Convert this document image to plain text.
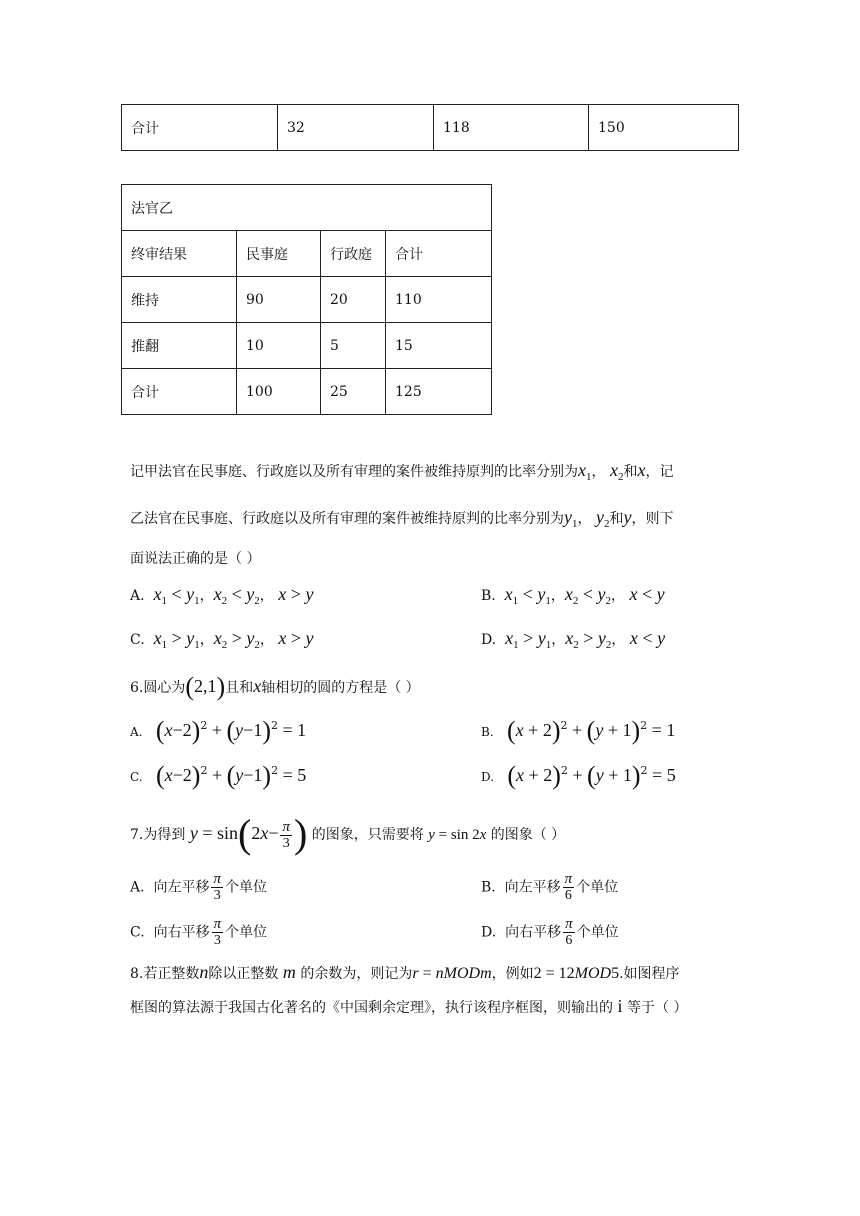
合计	32	118	150
法官乙			
终审结果	民事庭	行政庭	合计
维持	90	20	110
推翻	10	5	15
合计	100	25	125
记甲法官在民事庭、行政庭以及所有审理的案件被维持原判的比率分别为$x_1$， $x_2$和x，记
乙法官在民事庭、行政庭以及所有审理的案件被维持原判的比率分别为$y_1$， $y_2$和y，则下
面说法正确的是（ ）
A. $x_1 < y_1$，$x_2 < y_2$， x > y	B. $x_1 < y_1$，$x_2 < y_2$， x < y
C. $x_1 > y_1$，$x_2 > y_2$， x > y	D. $x_1 > y_1$，$x_2 > y_2$， x < y
6.圆心为(2,1)且和x轴相切的圆的方程是（ ）
A. $(x-2)^2 + (y-1)^2 = 1$	B. $(x + 2)^2 + (y + 1)^2 = 1$
C. $(x-2)^2 + (y-1)^2 = 5$	D. $(x + 2)^2 + (y + 1)^2 = 5$
7.为得到 $y = \sin(2x- \frac{\pi}{3}$ ) 的图象，只需要将 y = sin 2x 的图象（ ）
A. 向左平移 $\frac{\pi}{3}$ 个单位	B. 向左平移 $\frac{\pi}{6}$ 个单位
C. 向右平移 $\frac{\pi}{3}$ 个单位	D. 向右平移 $\frac{\pi}{6}$ 个单位
8.若正整数n除以正整数 m 的余数为，则记为r = nMODm，例如2 = 12MOD5.如图程序
框图的算法源于我国古化著名的《中国剩余定理》，执行该程序框图，则输出的 i 等于（ ）
